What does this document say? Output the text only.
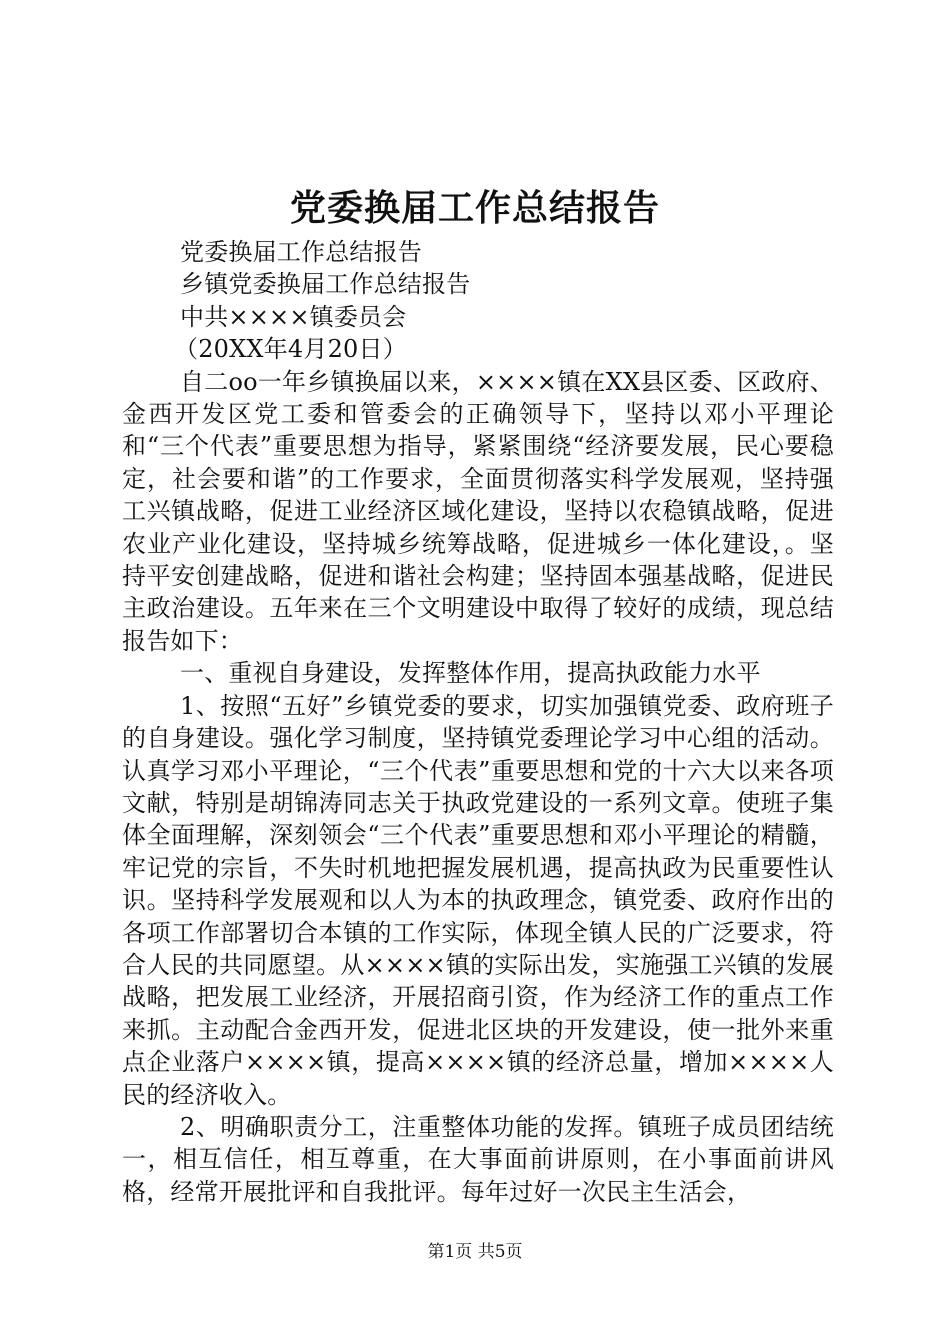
党委换届工作总结报告

党委换届工作总结报告

乡镇党委换届工作总结报告

中共××××镇委员会

（20XX年4月20日）

自二oo一年乡镇换届以来，××××镇在XX县区委、区政府、金西开发区党工委和管委会的正确领导下，坚持以邓小平理论和“三个代表”重要思想为指导，紧紧围绕“经济要发展，民心要稳定，社会要和谐”的工作要求，全面贯彻落实科学发展观，坚持强工兴镇战略，促进工业经济区域化建设，坚持以农稳镇战略，促进农业产业化建设，坚持城乡统筹战略，促进城乡一体化建设，。坚持平安创建战略，促进和谐社会构建；坚持固本强基战略，促进民主政治建设。五年来在三个文明建设中取得了较好的成绩，现总结报告如下：

一、重视自身建设，发挥整体作用，提高执政能力水平

1、按照“五好”乡镇党委的要求，切实加强镇党委、政府班子的自身建设。强化学习制度，坚持镇党委理论学习中心组的活动。认真学习邓小平理论，“三个代表”重要思想和党的十六大以来各项文献，特别是胡锦涛同志关于执政党建设的一系列文章。使班子集体全面理解，深刻领会“三个代表”重要思想和邓小平理论的精髓，牢记党的宗旨，不失时机地把握发展机遇，提高执政为民重要性认识。坚持科学发展观和以人为本的执政理念，镇党委、政府作出的各项工作部署切合本镇的工作实际，体现全镇人民的广泛要求，符合人民的共同愿望。从××××镇的实际出发，实施强工兴镇的发展战略，把发展工业经济，开展招商引资，作为经济工作的重点工作来抓。主动配合金西开发，促进北区块的开发建设，使一批外来重点企业落户××××镇，提高××××镇的经济总量，增加××××人民的经济收入。

2、明确职责分工，注重整体功能的发挥。镇班子成员团结统一，相互信任，相互尊重，在大事面前讲原则，在小事面前讲风格，经常开展批评和自我批评。每年过好一次民主生活会，

第1页 共5页
